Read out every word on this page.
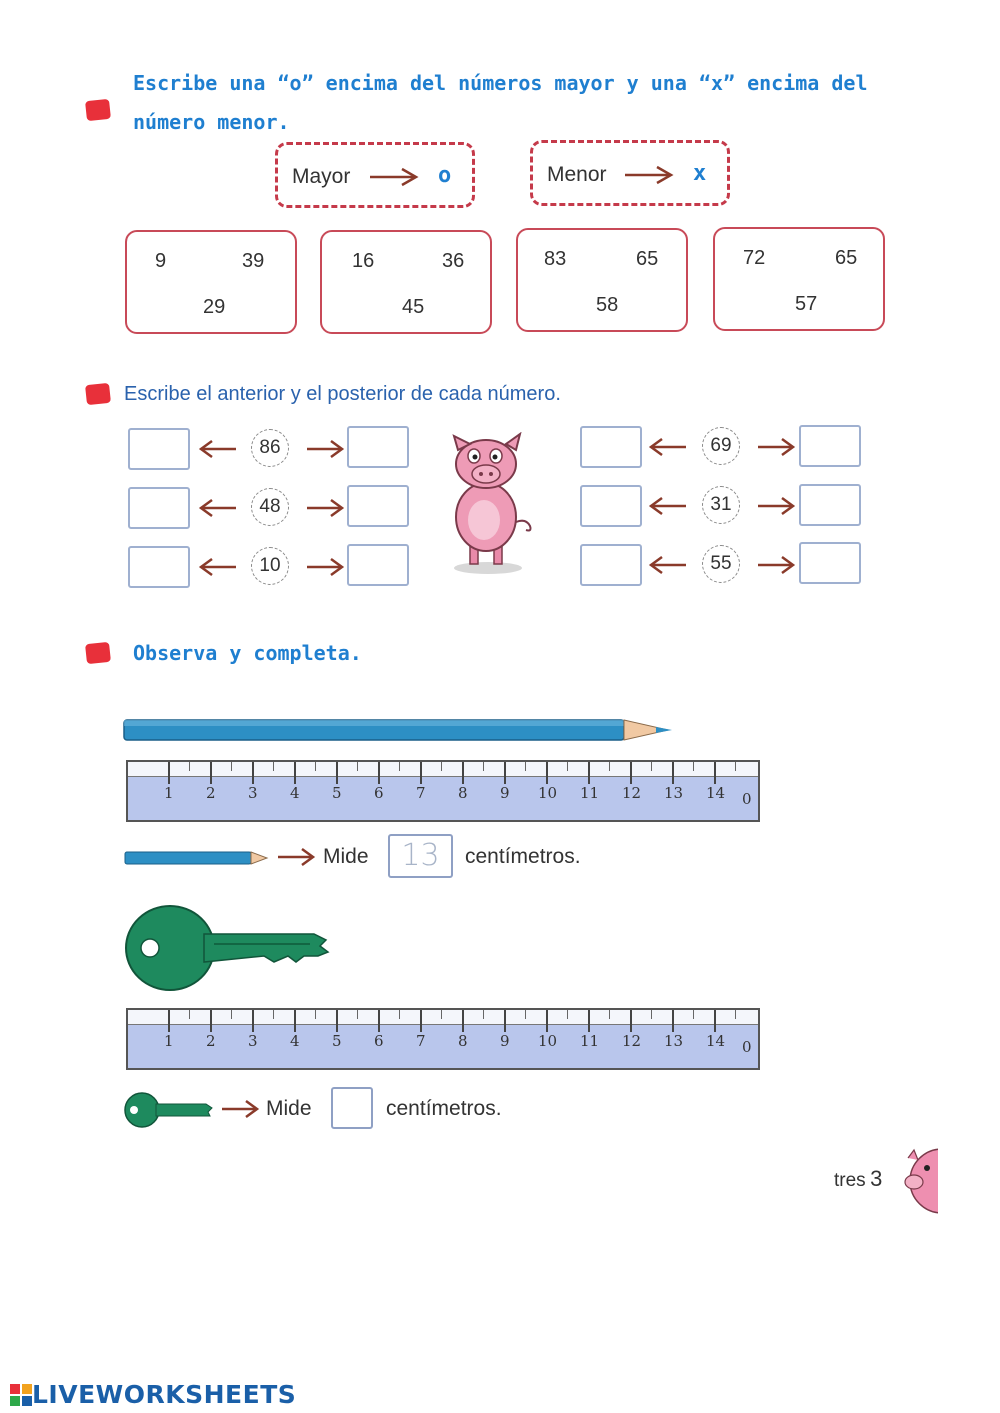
Escribe una “o” encima del números mayor y una “x” encima del
número menor.
Mayor	o	Menor	x
9	39
29
16	36
45
83	65
58
72	65
57
Escribe el anterior y el posterior de cada número.
86
48
10
69
31
55
Observa y completa.
1 2 3 4 5 6 7 8 9 10 11 12 13 14 0
Mide	13	centímetros.
1 2 3 4 5 6 7 8 9 10 11 12 13 14 0
Mide	centímetros.
tres 3
LIVEWORKSHEETS
